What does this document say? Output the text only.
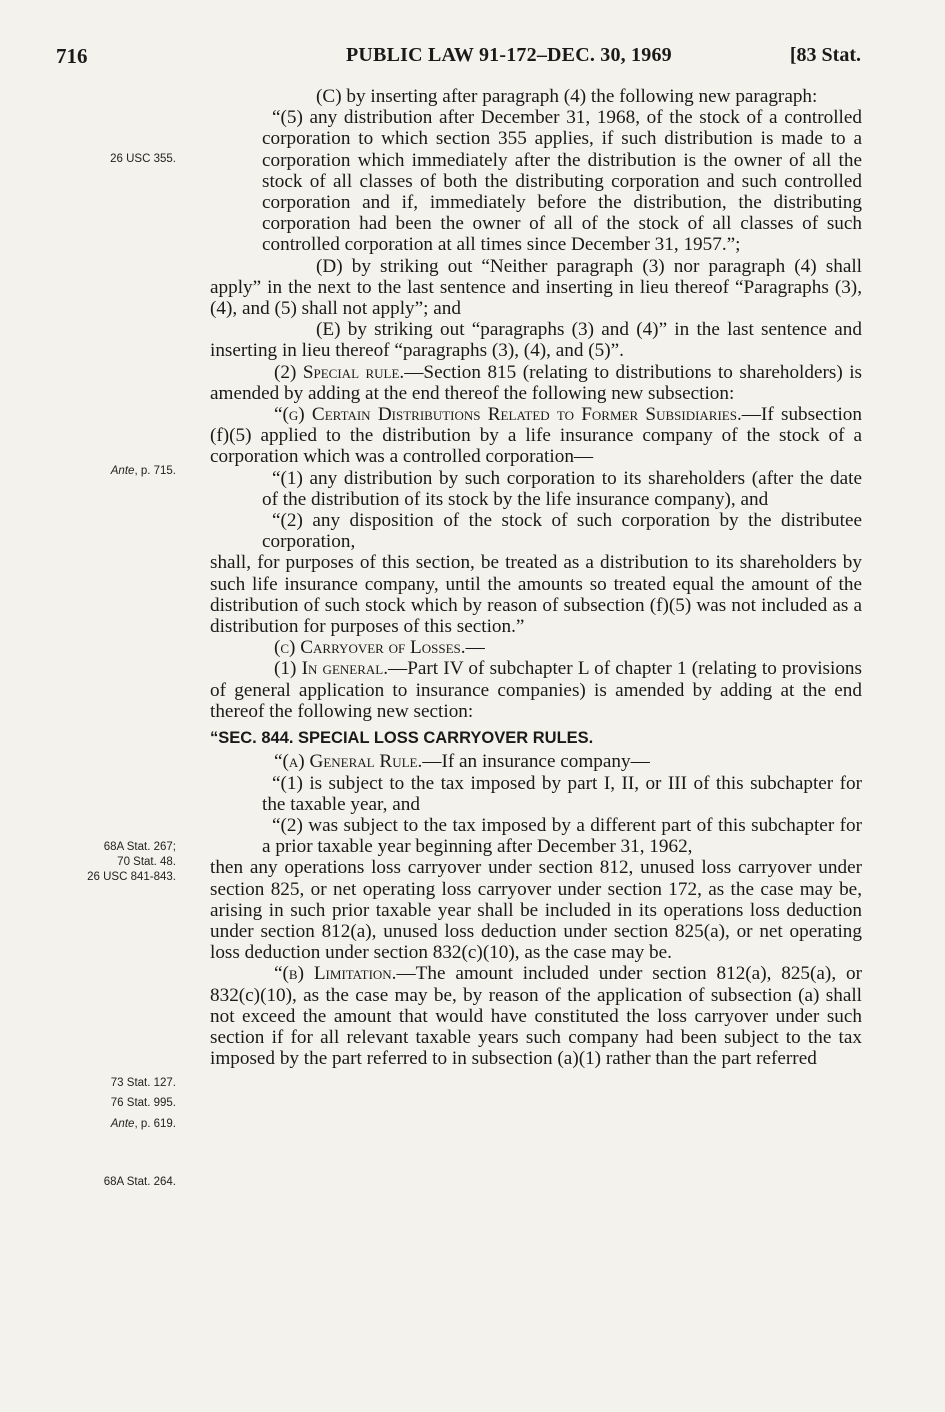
716	PUBLIC LAW 91-172–DEC. 30, 1969	[83 Stat.
26 USC 355.
Ante, p. 715.
68A Stat. 267;
70 Stat. 48.
26 USC 841-843.
73 Stat. 127.
76 Stat. 995.
Ante, p. 619.
68A Stat. 264.

(C) by inserting after paragraph (4) the following new paragraph:

“(5) any distribution after December 31, 1968, of the stock of a controlled corporation to which section 355 applies, if such distribution is made to a corporation which immediately after the distribution is the owner of all the stock of all classes of both the distributing corporation and such controlled corporation and if, immediately before the distribution, the distributing corporation had been the owner of all of the stock of all classes of such controlled corporation at all times since December 31, 1957.”;

(D) by striking out “Neither paragraph (3) nor paragraph (4) shall apply” in the next to the last sentence and inserting in lieu thereof “Paragraphs (3), (4), and (5) shall not apply”; and

(E) by striking out “paragraphs (3) and (4)” in the last sentence and inserting in lieu thereof “paragraphs (3), (4), and (5)”.

(2) Special rule.—Section 815 (relating to distributions to shareholders) is amended by adding at the end thereof the following new subsection:

“(g) Certain Distributions Related to Former Subsidiaries.—If subsection (f)(5) applied to the distribution by a life insurance company of the stock of a corporation which was a controlled corporation—

“(1) any distribution by such corporation to its shareholders (after the date of the distribution of its stock by the life insurance company), and

“(2) any disposition of the stock of such corporation by the distributee corporation,

shall, for purposes of this section, be treated as a distribution to its shareholders by such life insurance company, until the amounts so treated equal the amount of the distribution of such stock which by reason of subsection (f)(5) was not included as a distribution for purposes of this section.”

(c) Carryover of Losses.—

(1) In general.—Part IV of subchapter L of chapter 1 (relating to provisions of general application to insurance companies) is amended by adding at the end thereof the following new section:

“SEC. 844. SPECIAL LOSS CARRYOVER RULES.

“(a) General Rule.—If an insurance company—

“(1) is subject to the tax imposed by part I, II, or III of this subchapter for the taxable year, and

“(2) was subject to the tax imposed by a different part of this subchapter for a prior taxable year beginning after December 31, 1962,

then any operations loss carryover under section 812, unused loss carryover under section 825, or net operating loss carryover under section 172, as the case may be, arising in such prior taxable year shall be included in its operations loss deduction under section 812(a), unused loss deduction under section 825(a), or net operating loss deduction under section 832(c)(10), as the case may be.

“(b) Limitation.—The amount included under section 812(a), 825(a), or 832(c)(10), as the case may be, by reason of the application of subsection (a) shall not exceed the amount that would have constituted the loss carryover under such section if for all relevant taxable years such company had been subject to the tax imposed by the part referred to in subsection (a)(1) rather than the part referred
